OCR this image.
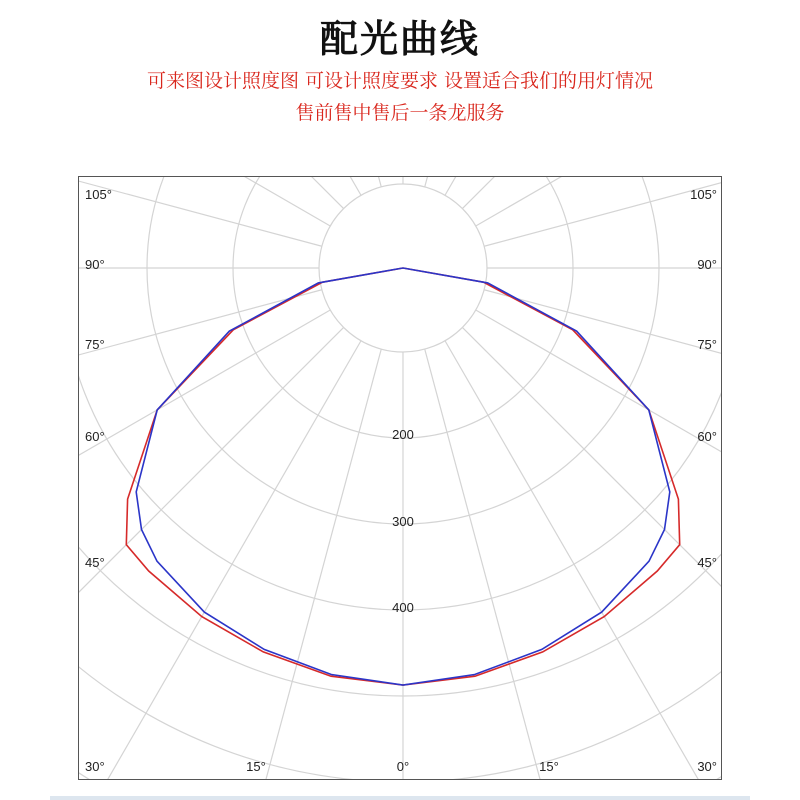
配光曲线
可来图设计照度图 可设计照度要求 设置适合我们的用灯情况
售前售中售后一条龙服务
200
300
400
105°
90°
75°
60°
45°
30°
105°
90°
75°
60°
45°
30°
15°	0°	15°
